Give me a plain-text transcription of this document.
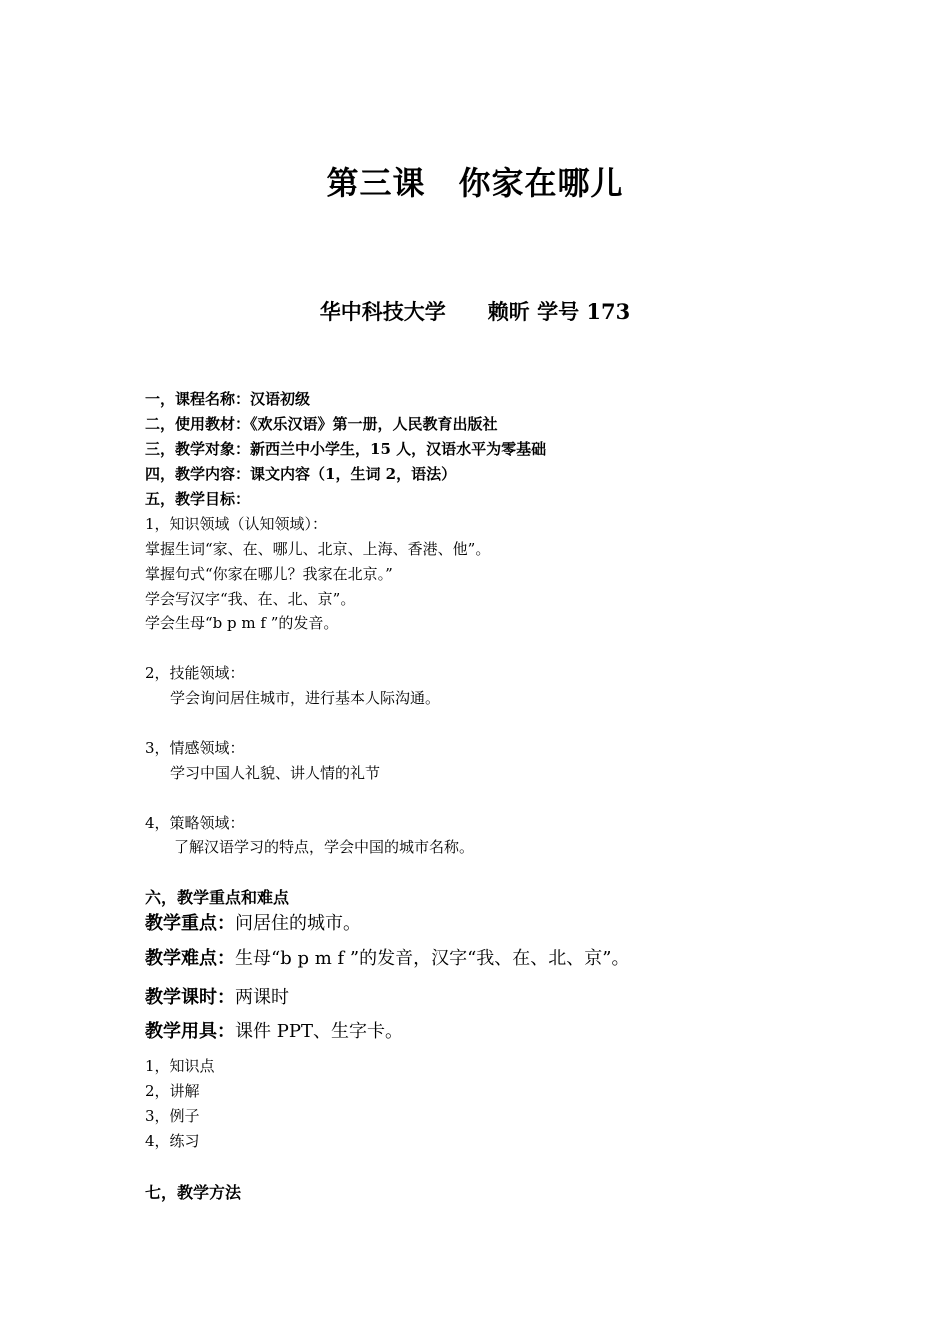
第三课　你家在哪儿
华中科技大学　　赖昕 学号 173
一，课程名称：汉语初级
二，使用教材：《欢乐汉语》第一册，人民教育出版社
三，教学对象：新西兰中小学生，15 人，汉语水平为零基础
四，教学内容：课文内容（1，生词 2，语法）
五，教学目标：
1，知识领域（认知领域）：
掌握生词“家、在、哪儿、北京、上海、香港、他”。
掌握句式“你家在哪儿？我家在北京。”
学会写汉字“我、在、北、京”。
学会生母“b p m f ”的发音。
2，技能领域：
学会询问居住城市，进行基本人际沟通。
3，情感领域：
学习中国人礼貌、讲人情的礼节
4，策略领域：
了解汉语学习的特点，学会中国的城市名称。
六，教学重点和难点
教学重点：问居住的城市。
教学难点：生母“b p m f ”的发音，汉字“我、在、北、京”。
教学课时：两课时
教学用具：课件 PPT、生字卡。
1，知识点
2，讲解
3，例子
4，练习
七，教学方法
